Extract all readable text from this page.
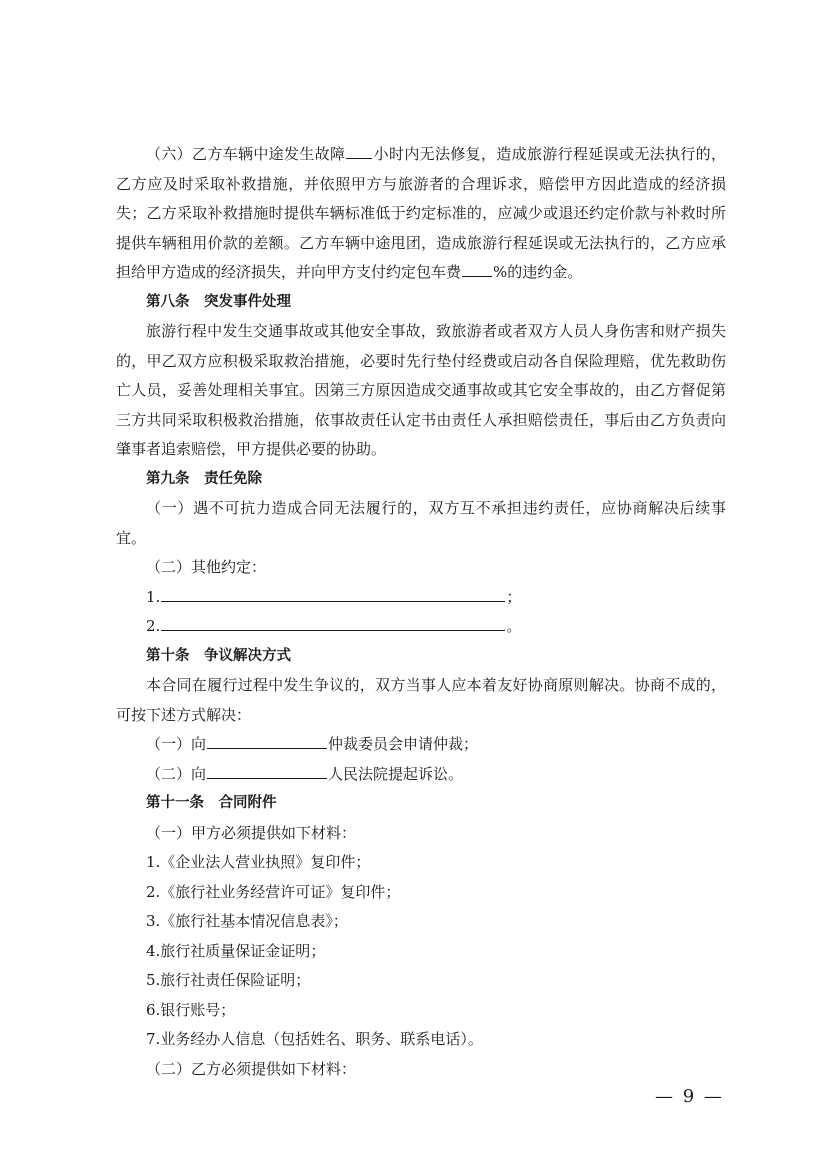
（六）乙方车辆中途发生故障 小时内无法修复，造成旅游行程延误或无法执行的，乙方应及时采取补救措施，并依照甲方与旅游者的合理诉求，赔偿甲方因此造成的经济损失；乙方采取补救措施时提供车辆标准低于约定标准的，应减少或退还约定价款与补救时所提供车辆租用价款的差额。乙方车辆中途甩团，造成旅游行程延误或无法执行的，乙方应承担给甲方造成的经济损失，并向甲方支付约定包车费 %的违约金。

第八条　突发事件处理

旅游行程中发生交通事故或其他安全事故，致旅游者或者双方人员人身伤害和财产损失的，甲乙双方应积极采取救治措施，必要时先行垫付经费或启动各自保险理赔，优先救助伤亡人员，妥善处理相关事宜。因第三方原因造成交通事故或其它安全事故的，由乙方督促第三方共同采取积极救治措施，依事故责任认定书由责任人承担赔偿责任，事后由乙方负责向肇事者追索赔偿，甲方提供必要的协助。

第九条　责任免除

（一）遇不可抗力造成合同无法履行的，双方互不承担违约责任，应协商解决后续事宜。

（二）其他约定：

1.	；

2.	。

第十条　争议解决方式

本合同在履行过程中发生争议的，双方当事人应本着友好协商原则解决。协商不成的，可按下述方式解决：

（一）向	仲裁委员会申请仲裁；

（二）向	人民法院提起诉讼。

第十一条　合同附件

（一）甲方必须提供如下材料：

1.《企业法人营业执照》复印件；

2.《旅行社业务经营许可证》复印件；

3.《旅行社基本情况信息表》；

4.旅行社质量保证金证明；

5.旅行社责任保险证明；

6.银行账号；

7.业务经办人信息（包括姓名、职务、联系电话）。

（二）乙方必须提供如下材料：

— 9 —
